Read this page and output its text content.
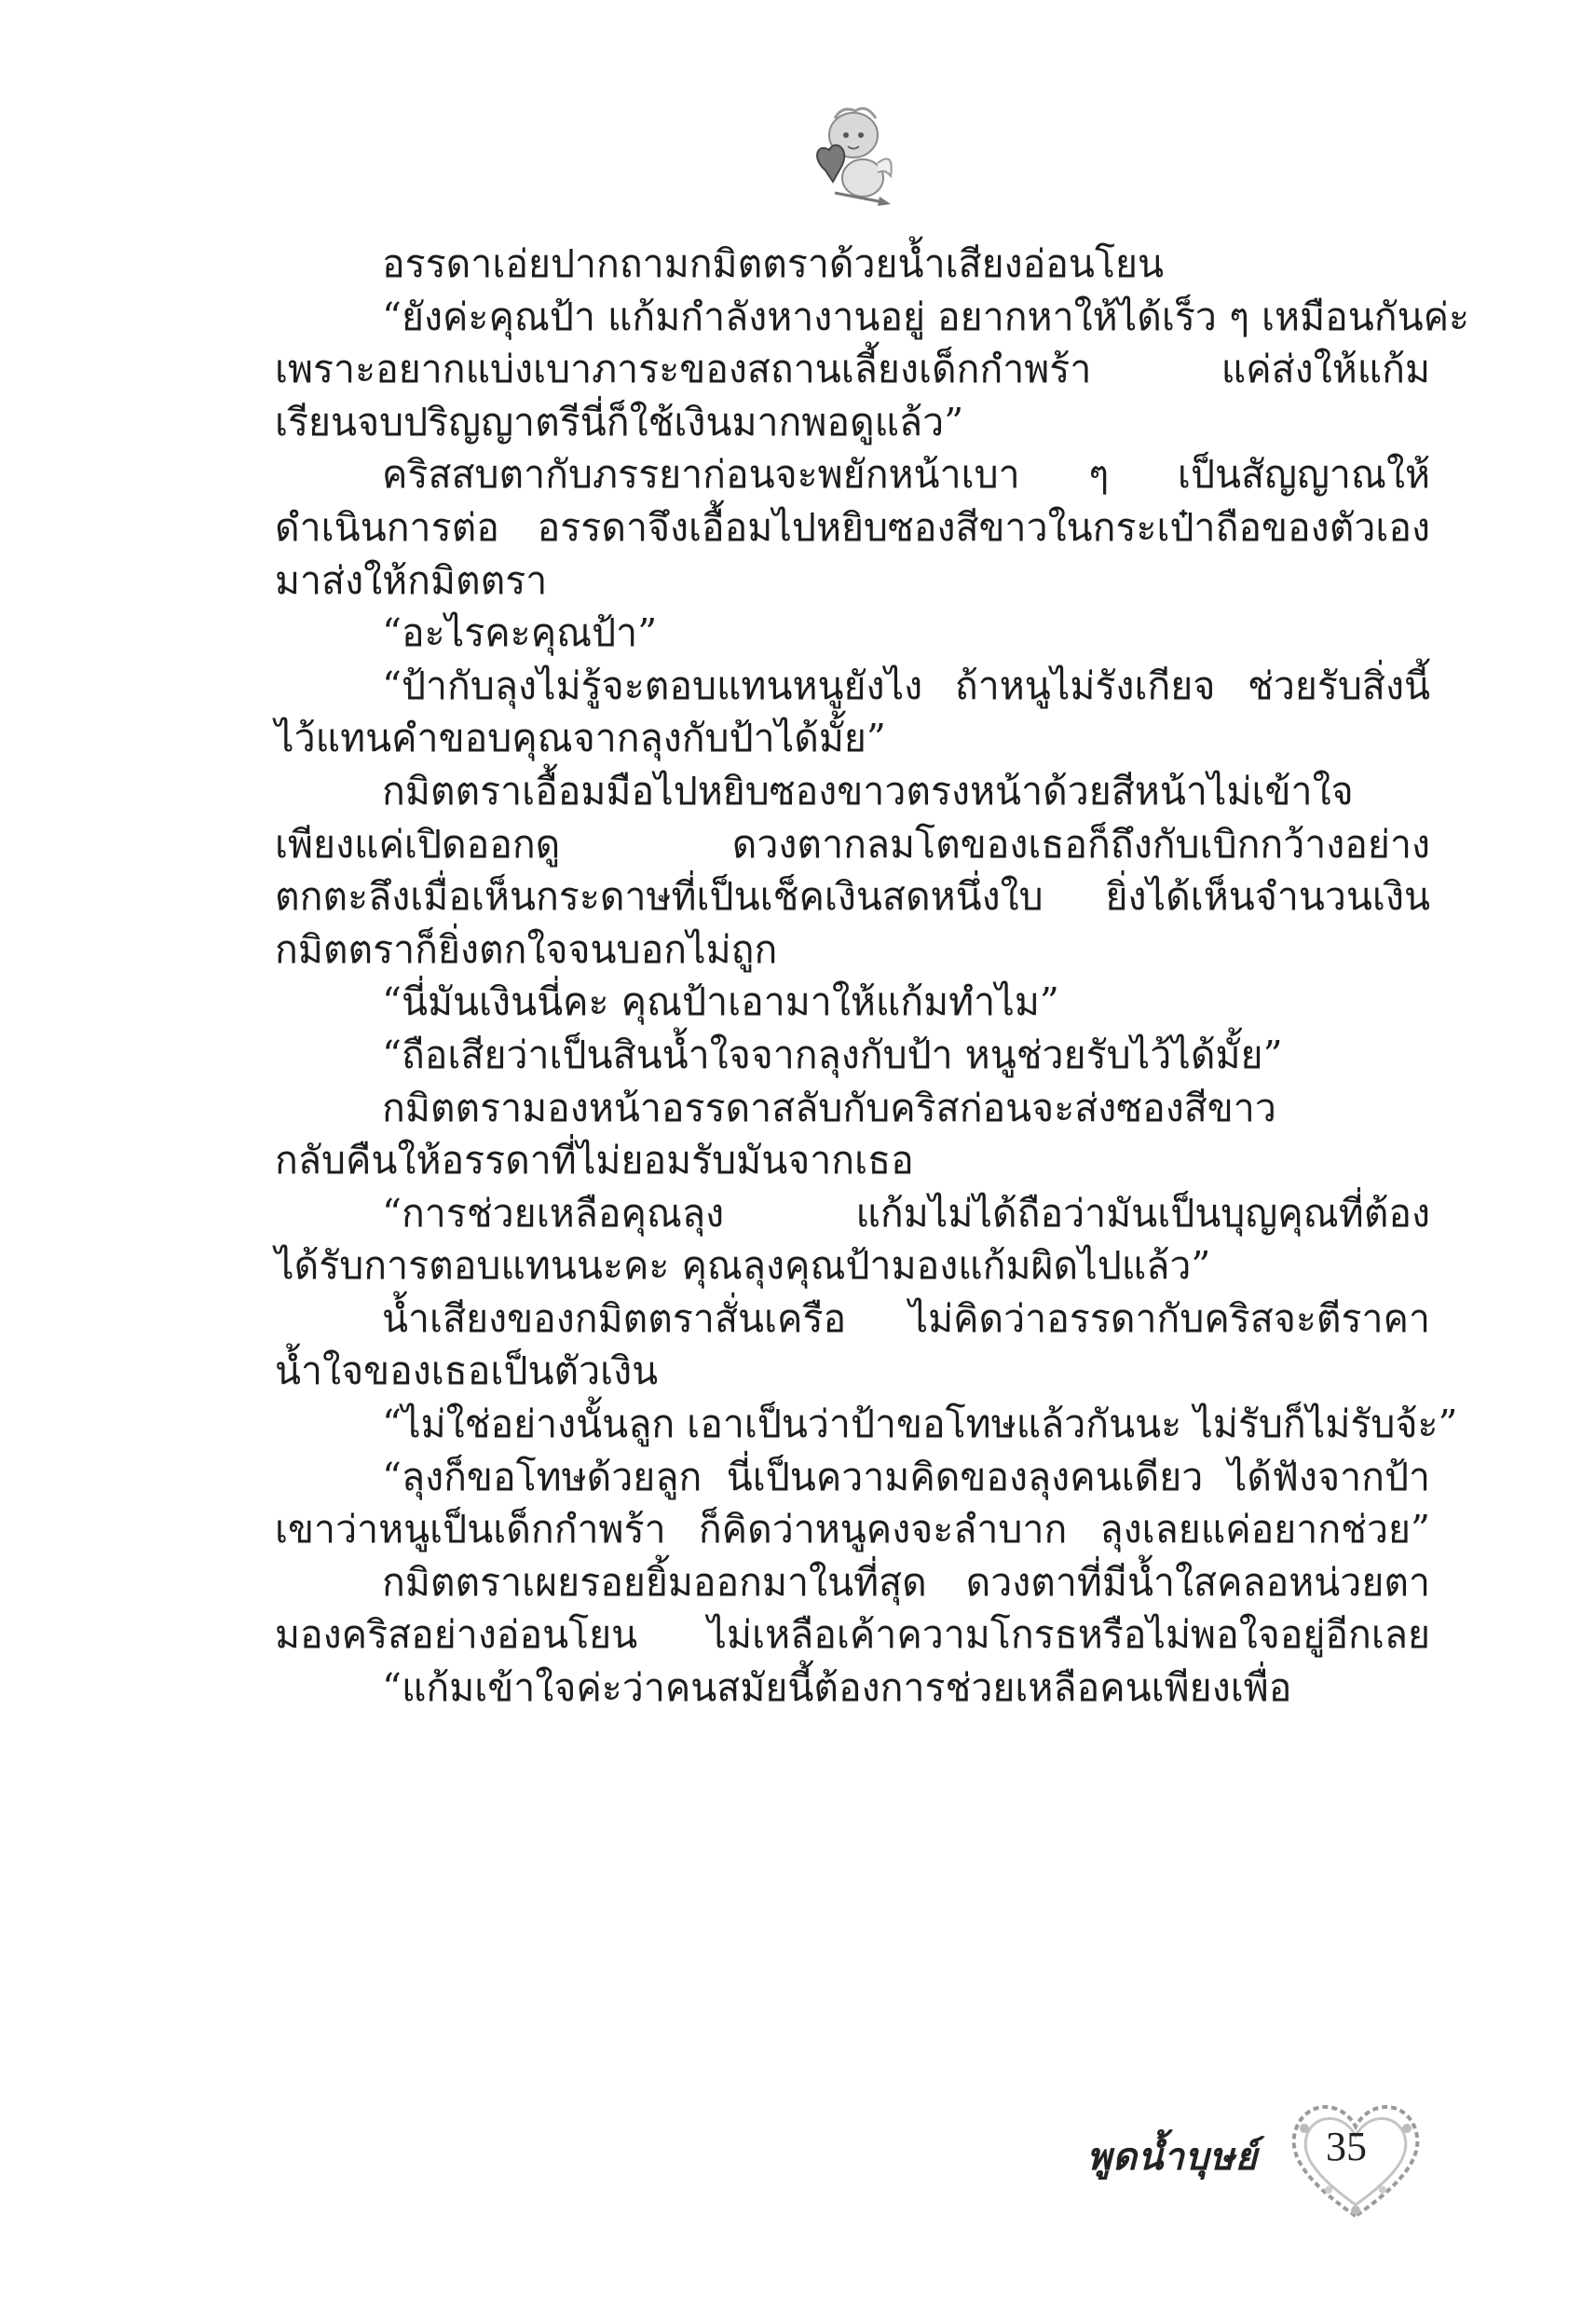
อรรดาเอ่ยปากถามกมิตตราด้วยน้ำเสียงอ่อนโยน
“ยังค่ะคุณป้า แก้มกำลังหางานอยู่ อยากหาให้ได้เร็ว ๆ เหมือนกันค่ะ
เพราะอยากแบ่งเบาภาระของสถานเลี้ยงเด็กกำพร้า แค่ส่งให้แก้ม
เรียนจบปริญญาตรีนี่ก็ใช้เงินมากพอดูแล้ว”
คริสสบตากับภรรยาก่อนจะพยักหน้าเบา ๆ เป็นสัญญาณให้
ดำเนินการต่อ อรรดาจึงเอื้อมไปหยิบซองสีขาวในกระเป๋าถือของตัวเอง
มาส่งให้กมิตตรา
“อะไรคะคุณป้า”
“ป้ากับลุงไม่รู้จะตอบแทนหนูยังไง ถ้าหนูไม่รังเกียจ ช่วยรับสิ่งนี้
ไว้แทนคำขอบคุณจากลุงกับป้าได้มั้ย”
กมิตตราเอื้อมมือไปหยิบซองขาวตรงหน้าด้วยสีหน้าไม่เข้าใจ
เพียงแค่เปิดออกดู ดวงตากลมโตของเธอก็ถึงกับเบิกกว้างอย่าง
ตกตะลึงเมื่อเห็นกระดาษที่เป็นเช็คเงินสดหนึ่งใบ ยิ่งได้เห็นจำนวนเงิน
กมิตตราก็ยิ่งตกใจจนบอกไม่ถูก
“นี่มันเงินนี่คะ คุณป้าเอามาให้แก้มทำไม”
“ถือเสียว่าเป็นสินน้ำใจจากลุงกับป้า หนูช่วยรับไว้ได้มั้ย”
กมิตตรามองหน้าอรรดาสลับกับคริสก่อนจะส่งซองสีขาว
กลับคืนให้อรรดาที่ไม่ยอมรับมันจากเธอ
“การช่วยเหลือคุณลุง แก้มไม่ได้ถือว่ามันเป็นบุญคุณที่ต้อง
ได้รับการตอบแทนนะคะ คุณลุงคุณป้ามองแก้มผิดไปแล้ว”
น้ำเสียงของกมิตตราสั่นเครือ ไม่คิดว่าอรรดากับคริสจะตีราคา
น้ำใจของเธอเป็นตัวเงิน
“ไม่ใช่อย่างนั้นลูก เอาเป็นว่าป้าขอโทษแล้วกันนะ ไม่รับก็ไม่รับจ้ะ”
“ลุงก็ขอโทษด้วยลูก นี่เป็นความคิดของลุงคนเดียว ได้ฟังจากป้า
เขาว่าหนูเป็นเด็กกำพร้า ก็คิดว่าหนูคงจะลำบาก ลุงเลยแค่อยากช่วย”
กมิตตราเผยรอยยิ้มออกมาในที่สุด ดวงตาที่มีน้ำใสคลอหน่วยตา
มองคริสอย่างอ่อนโยน ไม่เหลือเค้าความโกรธหรือไม่พอใจอยู่อีกเลย
“แก้มเข้าใจค่ะว่าคนสมัยนี้ต้องการช่วยเหลือคนเพียงเพื่อ
พูดน้ำบุษย์	35
